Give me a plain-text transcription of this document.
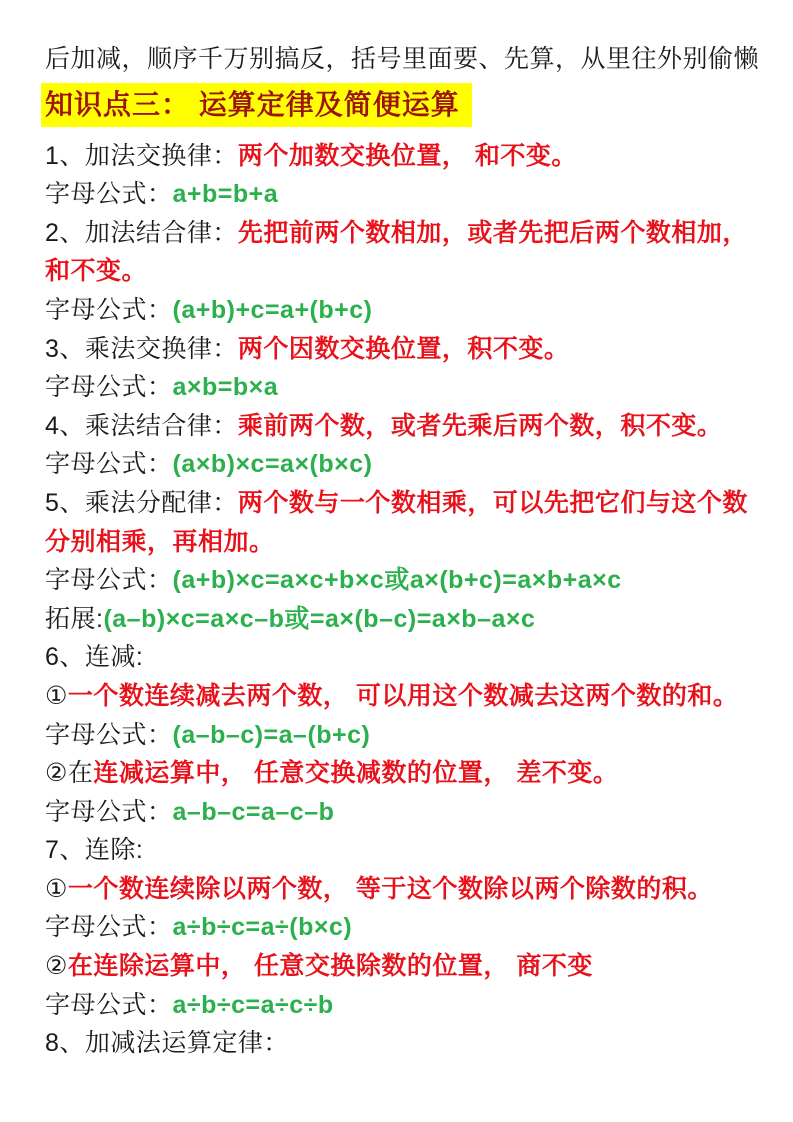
后加减，顺序千万别搞反，括号里面要、先算，从里往外别偷懒

知识点三： 运算定律及简便运算

1、加法交换律：两个加数交换位置， 和不变。

字母公式：a+b=b+a

2、加法结合律：先把前两个数相加，或者先把后两个数相加，和不变。

字母公式：(a+b)+c=a+(b+c)

3、乘法交换律：两个因数交换位置，积不变。

字母公式：a×b=b×a

4、乘法结合律：乘前两个数，或者先乘后两个数，积不变。

字母公式：(a×b)×c=a×(b×c)

5、乘法分配律：两个数与一个数相乘，可以先把它们与这个数分别相乘，再相加。

字母公式：(a+b)×c=a×c+b×c或a×(b+c)=a×b+a×c

拓展:(a–b)×c=a×c–b或=a×(b–c)=a×b–a×c

6、连减:

①一个数连续减去两个数， 可以用这个数减去这两个数的和。

字母公式：(a–b–c)=a–(b+c)

②在连减运算中， 任意交换减数的位置， 差不变。

字母公式：a–b–c=a–c–b

7、连除:

①一个数连续除以两个数， 等于这个数除以两个除数的积。

字母公式：a÷b÷c=a÷(b×c)

②在连除运算中， 任意交换除数的位置， 商不变

字母公式：a÷b÷c=a÷c÷b

8、加减法运算定律：
